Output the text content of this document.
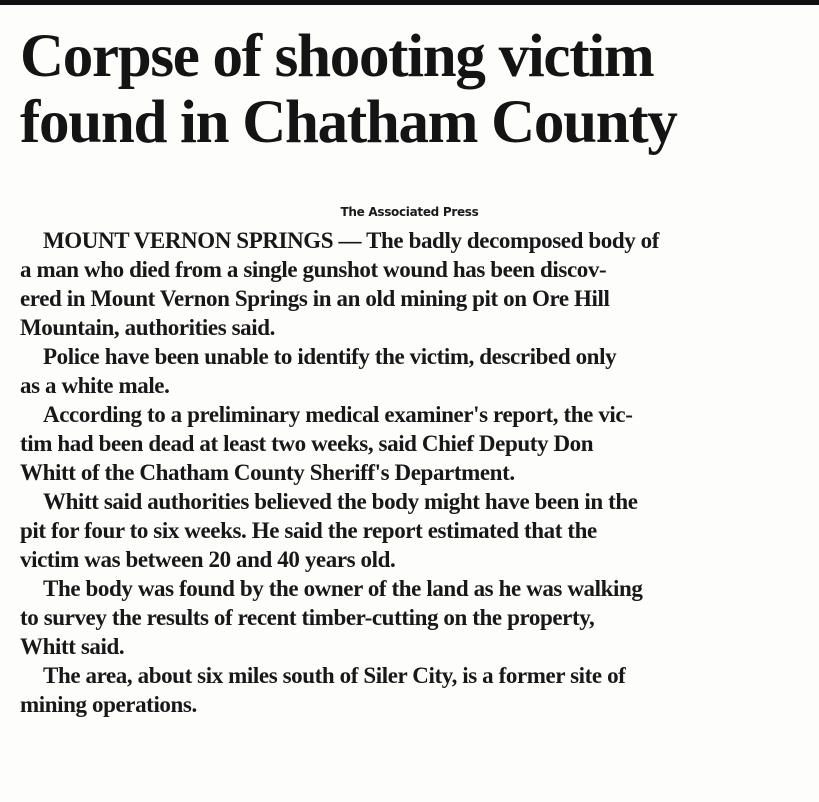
Corpse of shooting victim
found in Chatham County
The Associated Press
MOUNT VERNON SPRINGS — The badly decomposed body of
a man who died from a single gunshot wound has been discov-
ered in Mount Vernon Springs in an old mining pit on Ore Hill
Mountain, authorities said.
Police have been unable to identify the victim, described only
as a white male.
According to a preliminary medical examiner's report, the vic-
tim had been dead at least two weeks, said Chief Deputy Don
Whitt of the Chatham County Sheriff's Department.
Whitt said authorities believed the body might have been in the
pit for four to six weeks. He said the report estimated that the
victim was between 20 and 40 years old.
The body was found by the owner of the land as he was walking
to survey the results of recent timber-cutting on the property,
Whitt said.
The area, about six miles south of Siler City, is a former site of
mining operations.
